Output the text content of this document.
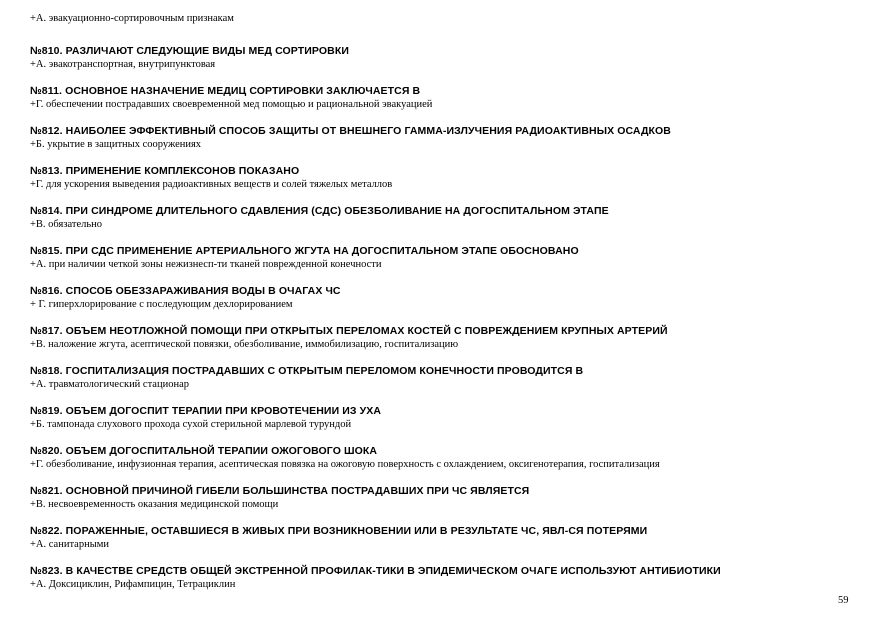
+А. эвакуационно-сортировочным признакам
№810. РАЗЛИЧАЮТ СЛЕДУЮЩИЕ ВИДЫ МЕД СОРТИРОВКИ
+А. эвакотранспортная, внутрипунктовая
№811. ОСНОВНОЕ НАЗНАЧЕНИЕ МЕДИЦ СОРТИРОВКИ ЗАКЛЮЧАЕТСЯ В
+Г. обеспечении пострадавших своевременной мед помощью и рациональной эвакуацией
№812. НАИБОЛЕЕ ЭФФЕКТИВНЫЙ СПОСОБ ЗАЩИТЫ ОТ ВНЕШНЕГО ГАММА-ИЗЛУЧЕНИЯ РАДИОАКТИВНЫХ ОСАДКОВ
+Б. укрытие в защитных сооружениях
№813. ПРИМЕНЕНИЕ КОМПЛЕКСОНОВ ПОКАЗАНО
+Г. для ускорения выведения радиоактивных веществ и солей тяжелых металлов
№814. ПРИ СИНДРОМЕ ДЛИТЕЛЬНОГО СДАВЛЕНИЯ (СДС) ОБЕЗБОЛИВАНИЕ НА ДОГОСПИТАЛЬНОМ ЭТАПЕ
+В. обязательно
№815. ПРИ СДС ПРИМЕНЕНИЕ АРТЕРИАЛЬНОГО ЖГУТА НА ДОГОСПИТАЛЬНОМ ЭТАПЕ ОБОСНОВАНО
+А. при наличии четкой зоны нежизнесп-ти тканей поврежденной конечности
№816. СПОСОБ ОБЕЗЗАРАЖИВАНИЯ ВОДЫ В ОЧАГАХ ЧС
+ Г. гиперхлорирование с последующим дехлорированием
№817. ОБЪЕМ НЕОТЛОЖНОЙ ПОМОЩИ ПРИ ОТКРЫТЫХ ПЕРЕЛОМАХ КОСТЕЙ С ПОВРЕЖДЕНИЕМ КРУПНЫХ АРТЕРИЙ
+В. наложение жгута, асептической повязки, обезболивание, иммобилизацию, госпитализацию
№818. ГОСПИТАЛИЗАЦИЯ ПОСТРАДАВШИХ С ОТКРЫТЫМ ПЕРЕЛОМОМ КОНЕЧНОСТИ ПРОВОДИТСЯ В
+А. травматологический стационар
№819. ОБЪЕМ ДОГОСПИТ ТЕРАПИИ ПРИ КРОВОТЕЧЕНИИ ИЗ УХА
+Б. тампонада слухового прохода сухой стерильной марлевой турундой
№820. ОБЪЕМ ДОГОСПИТАЛЬНОЙ ТЕРАПИИ ОЖОГОВОГО ШОКА
+Г. обезболивание, инфузионная терапия, асептическая повязка на ожоговую поверхность с охлаждением, оксигенотерапия, госпитализация
№821. ОСНОВНОЙ ПРИЧИНОЙ ГИБЕЛИ БОЛЬШИНСТВА ПОСТРАДАВШИХ ПРИ ЧС ЯВЛЯЕТСЯ
+В. несвоевременность оказания медицинской помощи
№822. ПОРАЖЕННЫЕ, ОСТАВШИЕСЯ В ЖИВЫХ ПРИ ВОЗНИКНОВЕНИИ ИЛИ В РЕЗУЛЬТАТЕ ЧС, ЯВЛ-СЯ ПОТЕРЯМИ
+А. санитарными
№823. В КАЧЕСТВЕ СРЕДСТВ ОБЩЕЙ ЭКСТРЕННОЙ ПРОФИЛАК-ТИКИ В ЭПИДЕМИЧЕСКОМ ОЧАГЕ ИСПОЛЬЗУЮТ АНТИБИОТИКИ
+А. Доксициклин, Рифампицин, Тетрациклин
59
